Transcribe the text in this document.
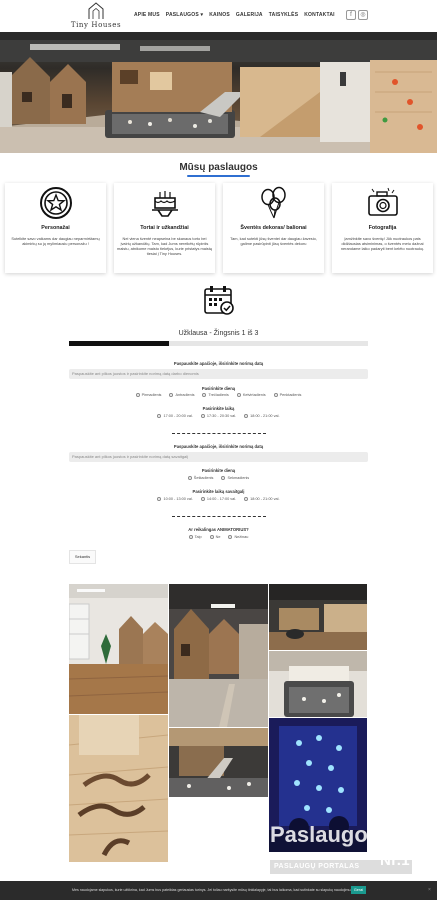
Tiny Houses
APIE MUS PASLAUGOS ▾ KAINOS GALERIJA TAISYKLĖS KONTAKTAI	f	◎
Mūsų paslaugos
Personažai
Sutelkite savo vaikams dar daugiau neparmirštamų akimirkų su jų mylimiausiu personažu !
Tortai ir užkandžiai
Nei viena šventė neapseina be skanaus torto bei įvairių užkandžių. Tam, kad Jums nereikėtų rūpintis maistu, atnikome maisto tiekėjus, kurie pristatys maistą tiesiai į Tiny Houses.
Šventės dekoras/ balionai
Tam, kad sutekti jūsų šventei dar daugiau žavesio, galime pasirūpinti jūsų šventės dekoru
Fotografija
Įamžinkite savo šventę! Jūk nuotraukos pats didžiausias atsiminimas, o šventės metu dažnai nerandame laiko padaryti bent kelėto nuotraukų.
Užklausa - Žingsnis 1 iš 3
Paspauskite apačioje, išsirinkite norimą datą
Paspauskite ant pilkos juostos ir pasirinkite norimą datą darbo dienomis
Pasirinkite dieną
Pirmadienis	Antradienis	Trečiadienis	Ketvirtadienis	Penktadienis
Pasirinkite laiką
17:00 - 20:00 val.	17:30 - 20:30 val.	18:00 - 21:00 val.
Paspauskite apačioje, išsirinkite norimą datą
Paspauskite ant pilkos juostos ir pasirinkite norimą datą savaitgalį
Pasirinkite dieną
Šeštadienis	Sekmadienis
Pasirinkite laiką savaitgalį
10:00 - 13:00 val.	14:00 - 17:00 val.	18:00 - 21:00 val.
Ar reikalingas ANIMATORIUS?
Taip	Ne	Nežinau
Sekantis
Paslaugos.lt
PASLAUGŲ PORTALAS Nr.1
Mes naudojame slapukus, kurie užtikrina, kad Jums bus pateiktas geriausias turinys. Jei toliau naršysite mūsų tinklalapyje, tai bus laikoma, kad sutinkate su slapukų naudojimu. Gerai	×
